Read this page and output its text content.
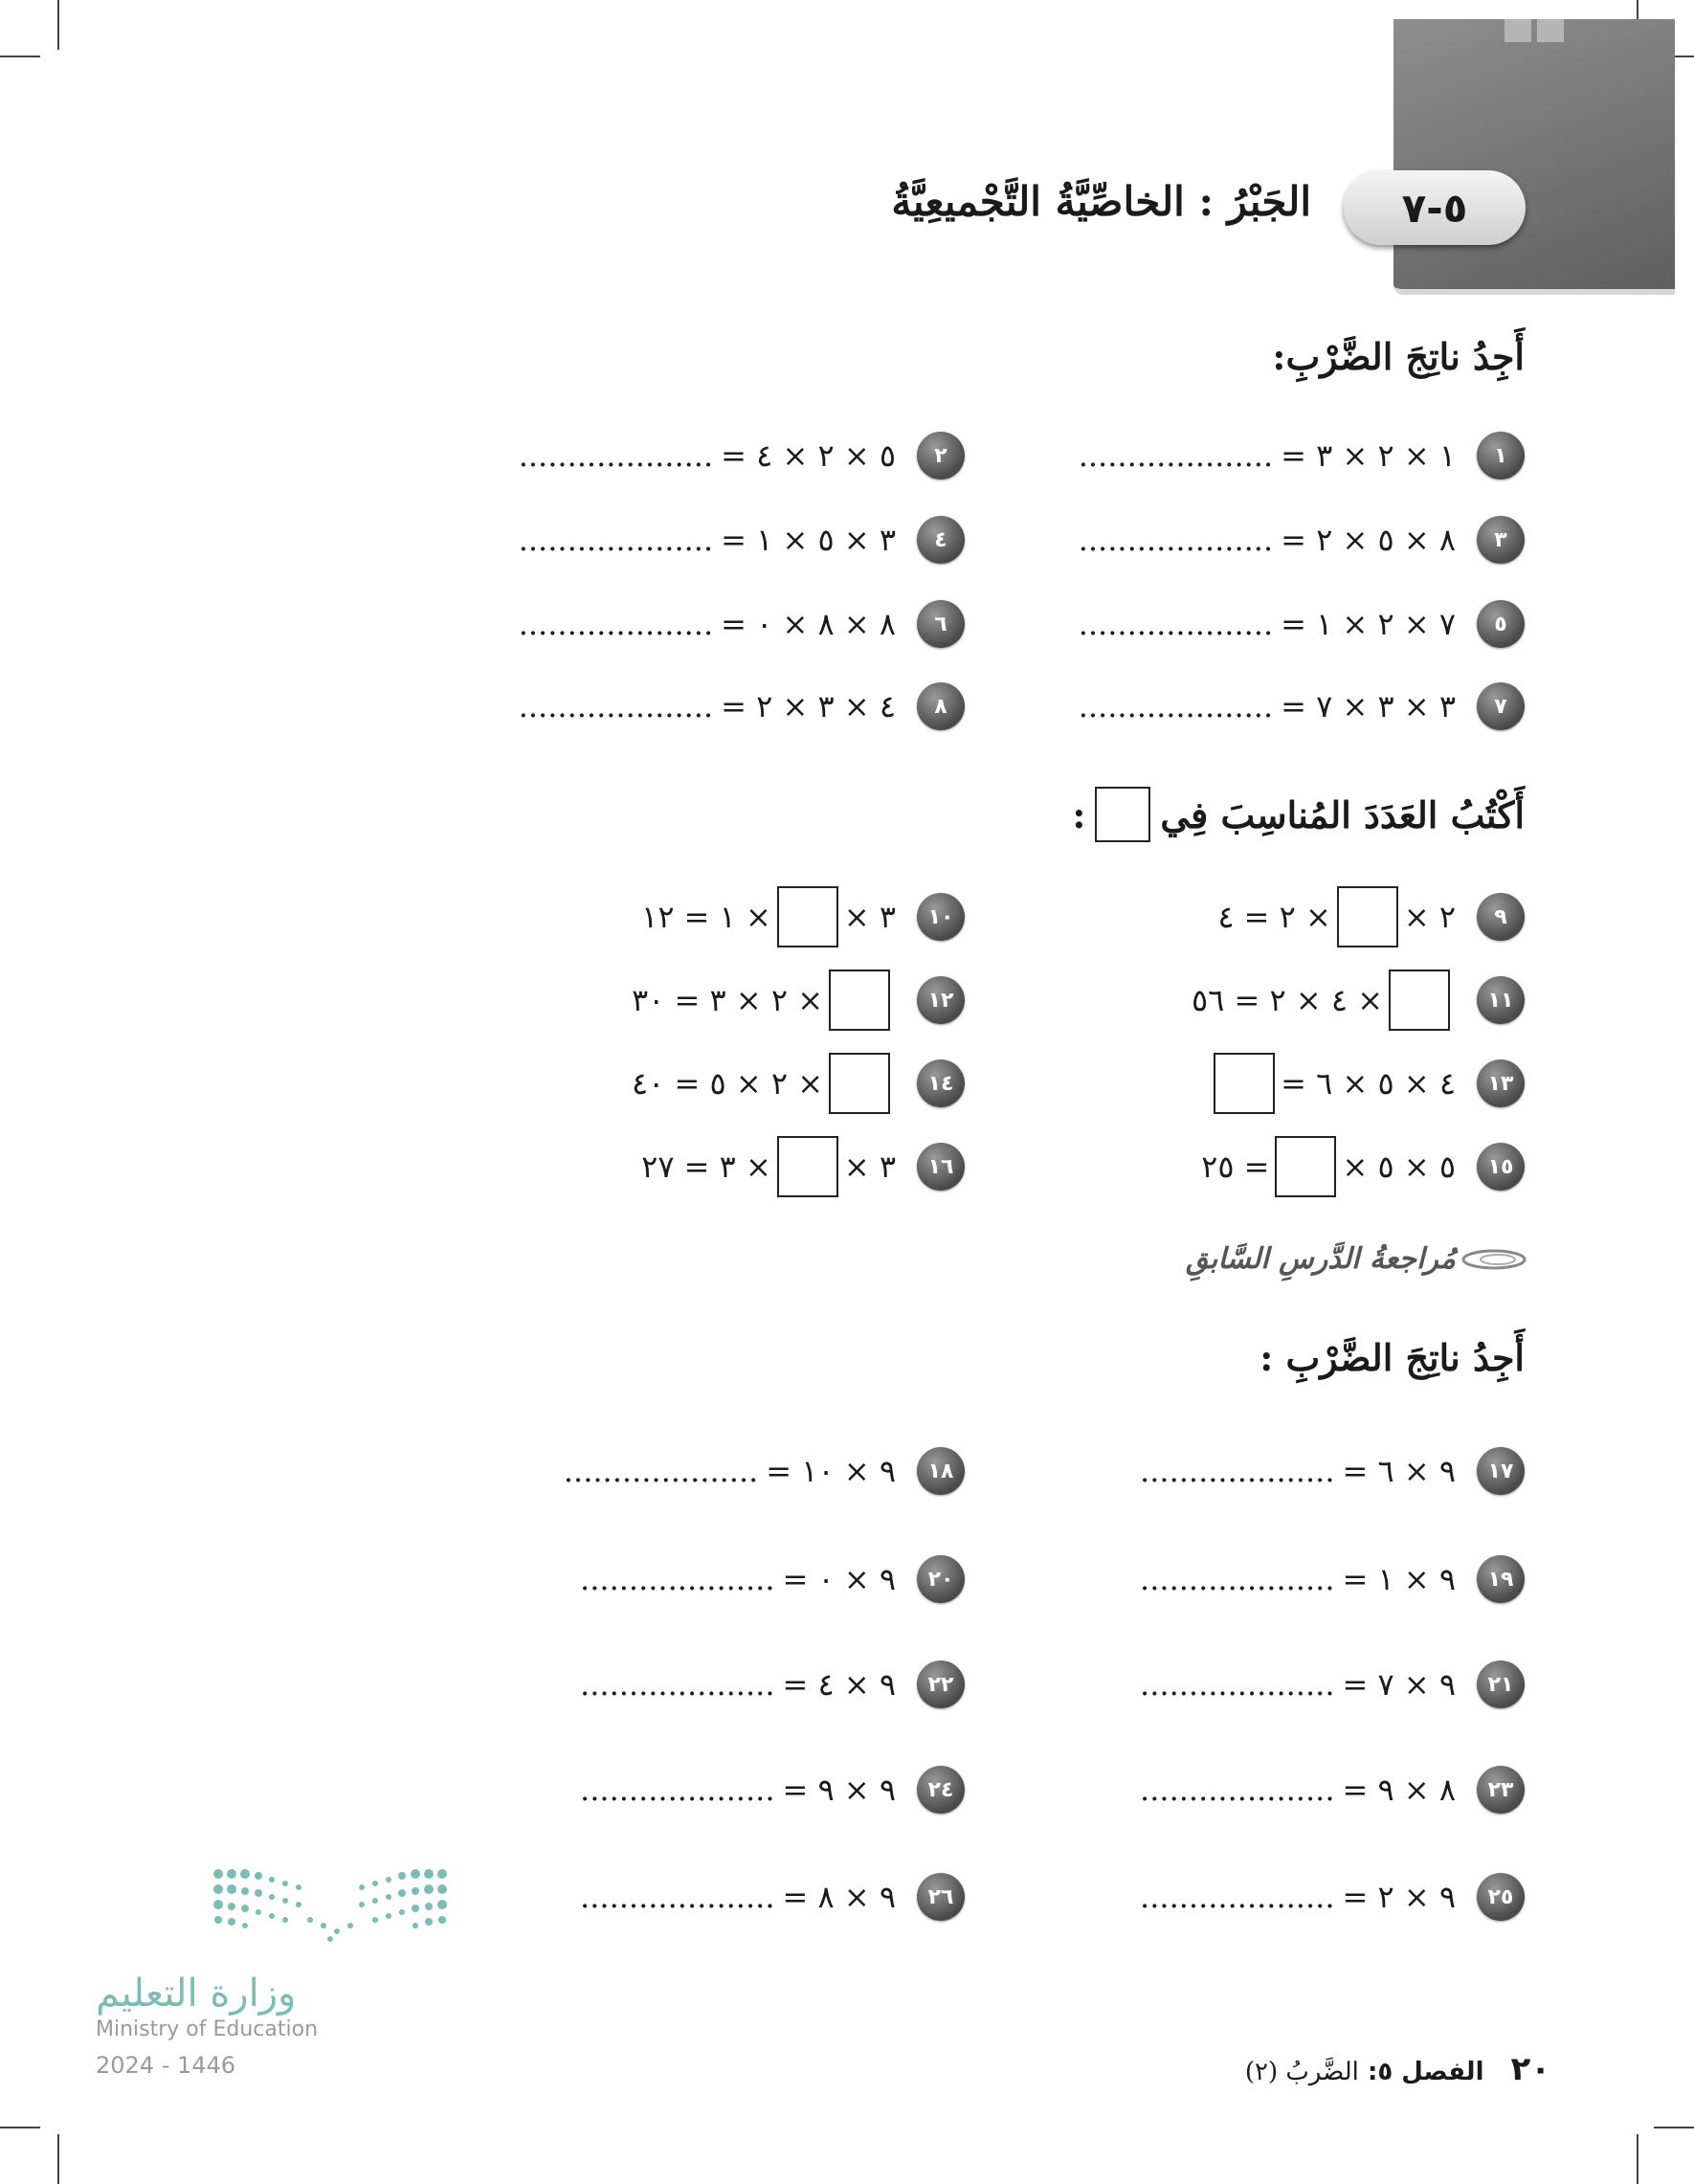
٥-٧
الجَبْرُ : الخاصِّيَّةُ التَّجْميعِيَّةُ
أَجِدُ ناتِجَ الضَّرْبِ:
١
١ × ٢ × ٣ =
....................
٢
٥ × ٢ × ٤ =
....................
٣
٨ × ٥ × ٢ =
....................
٤
٣ × ٥ × ١ =
....................
٥
٧ × ٢ × ١ =
....................
٦
٨ × ٨ × ٠ =
....................
٧
٣ × ٣ × ٧ =
....................
٨
٤ × ٣ × ٢ =
....................
أَكْتُبُ العَدَدَ المُناسِبَ فِي
:
٩
٢ ×
× ٢ = ٤
١٠
٣ ×
× ١ = ١٢
١١
× ٤ × ٢ = ٥٦
١٢
× ٢ × ٣ = ٣٠
١٣
٤ × ٥ × ٦ =
١٤
× ٢ × ٥ = ٤٠
١٥
٥ × ٥ ×
= ٢٥
١٦
٣ ×
× ٣ = ٢٧
مُراجعةُ الدَّرسِ السَّابقِ
أَجِدُ ناتِجَ الضَّرْبِ :
١٧
٩ × ٦ =
....................
١٨
٩ × ١٠ =
....................
١٩
٩ × ١ =
....................
٢٠
٩ × ٠ =
....................
٢١
٩ × ٧ =
....................
٢٢
٩ × ٤ =
....................
٢٣
٨ × ٩ =
....................
٢٤
٩ × ٩ =
....................
٢٥
٩ × ٢ =
....................
٢٦
٩ × ٨ =
....................
وزارة التعليم
Ministry of Education
2024 - 1446	٢٠
الفصل ٥: الضَّربُ (٢)
